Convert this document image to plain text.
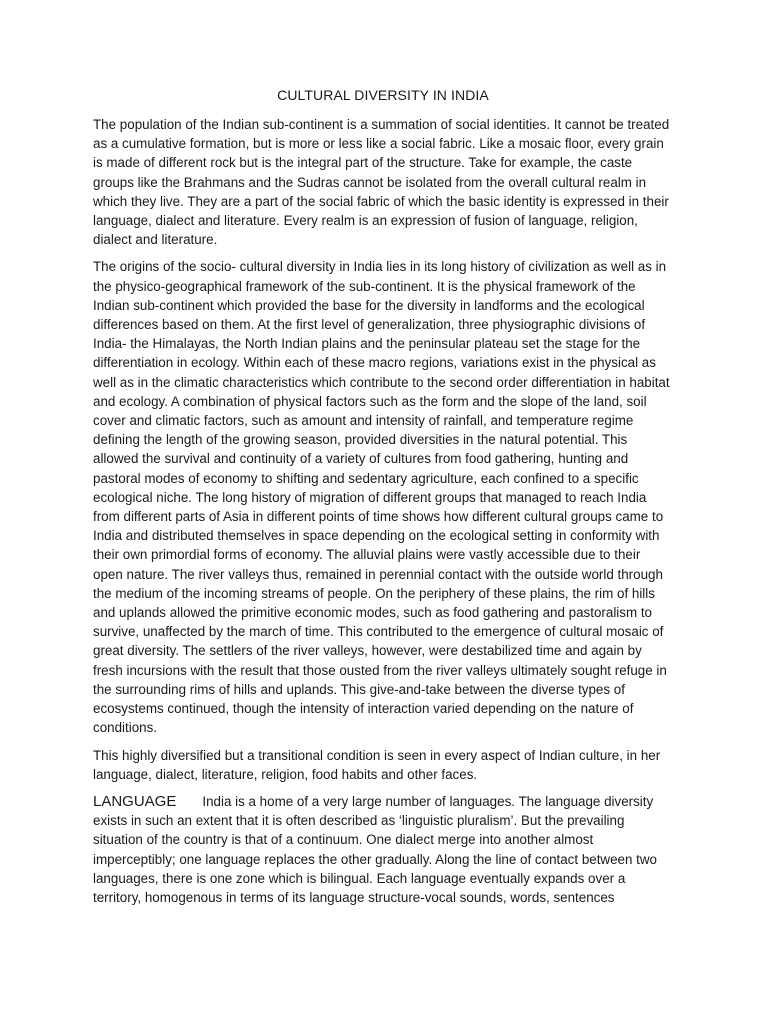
CULTURAL DIVERSITY IN INDIA

The population of the Indian sub-continent is a summation of social identities. It cannot be treated as a cumulative formation, but is more or less like a social fabric. Like a mosaic floor, every grain is made of different rock but is the integral part of the structure. Take for example, the caste groups like the Brahmans and the Sudras cannot be isolated from the overall cultural realm in which they live. They are a part of the social fabric of which the basic identity is expressed in their language, dialect and literature. Every realm is an expression of fusion of language, religion, dialect and literature.

The origins of the socio- cultural diversity in India lies in its long history of civilization as well as in the physico-geographical framework of the sub-continent. It is the physical framework of the Indian sub-continent which provided the base for the diversity in landforms and the ecological differences based on them. At the first level of generalization, three physiographic divisions of India- the Himalayas, the North Indian plains and the peninsular plateau set the stage for the differentiation in ecology. Within each of these macro regions, variations exist in the physical as well as in the climatic characteristics which contribute to the second order differentiation in habitat and ecology. A combination of physical factors such as the form and the slope of the land, soil cover and climatic factors, such as amount and intensity of rainfall, and temperature regime defining the length of the growing season, provided diversities in the natural potential. This allowed the survival and continuity of a variety of cultures from food gathering, hunting and pastoral modes of economy to shifting and sedentary agriculture, each confined to a specific ecological niche. The long history of migration of different groups that managed to reach India from different parts of Asia in different points of time shows how different cultural groups came to India and distributed themselves in space depending on the ecological setting in conformity with their own primordial forms of economy. The alluvial plains were vastly accessible due to their open nature. The river valleys thus, remained in perennial contact with the outside world through the medium of the incoming streams of people. On the periphery of these plains, the rim of hills and uplands allowed the primitive economic modes, such as food gathering and pastoralism to survive, unaffected by the march of time. This contributed to the emergence of cultural mosaic of great diversity. The settlers of the river valleys, however, were destabilized time and again by fresh incursions with the result that those ousted from the river valleys ultimately sought refuge in the surrounding rims of hills and uplands. This give-and-take between the diverse types of ecosystems continued, though the intensity of interaction varied depending on the nature of conditions.

This highly diversified but a transitional condition is seen in every aspect of Indian culture, in her language, dialect, literature, religion, food habits and other faces.

LANGUAGE India is a home of a very large number of languages. The language diversity exists in such an extent that it is often described as ‘linguistic pluralism’. But the prevailing situation of the country is that of a continuum. One dialect merge into another almost imperceptibly; one language replaces the other gradually. Along the line of contact between two languages, there is one zone which is bilingual. Each language eventually expands over a territory, homogenous in terms of its language structure-vocal sounds, words, sentences
